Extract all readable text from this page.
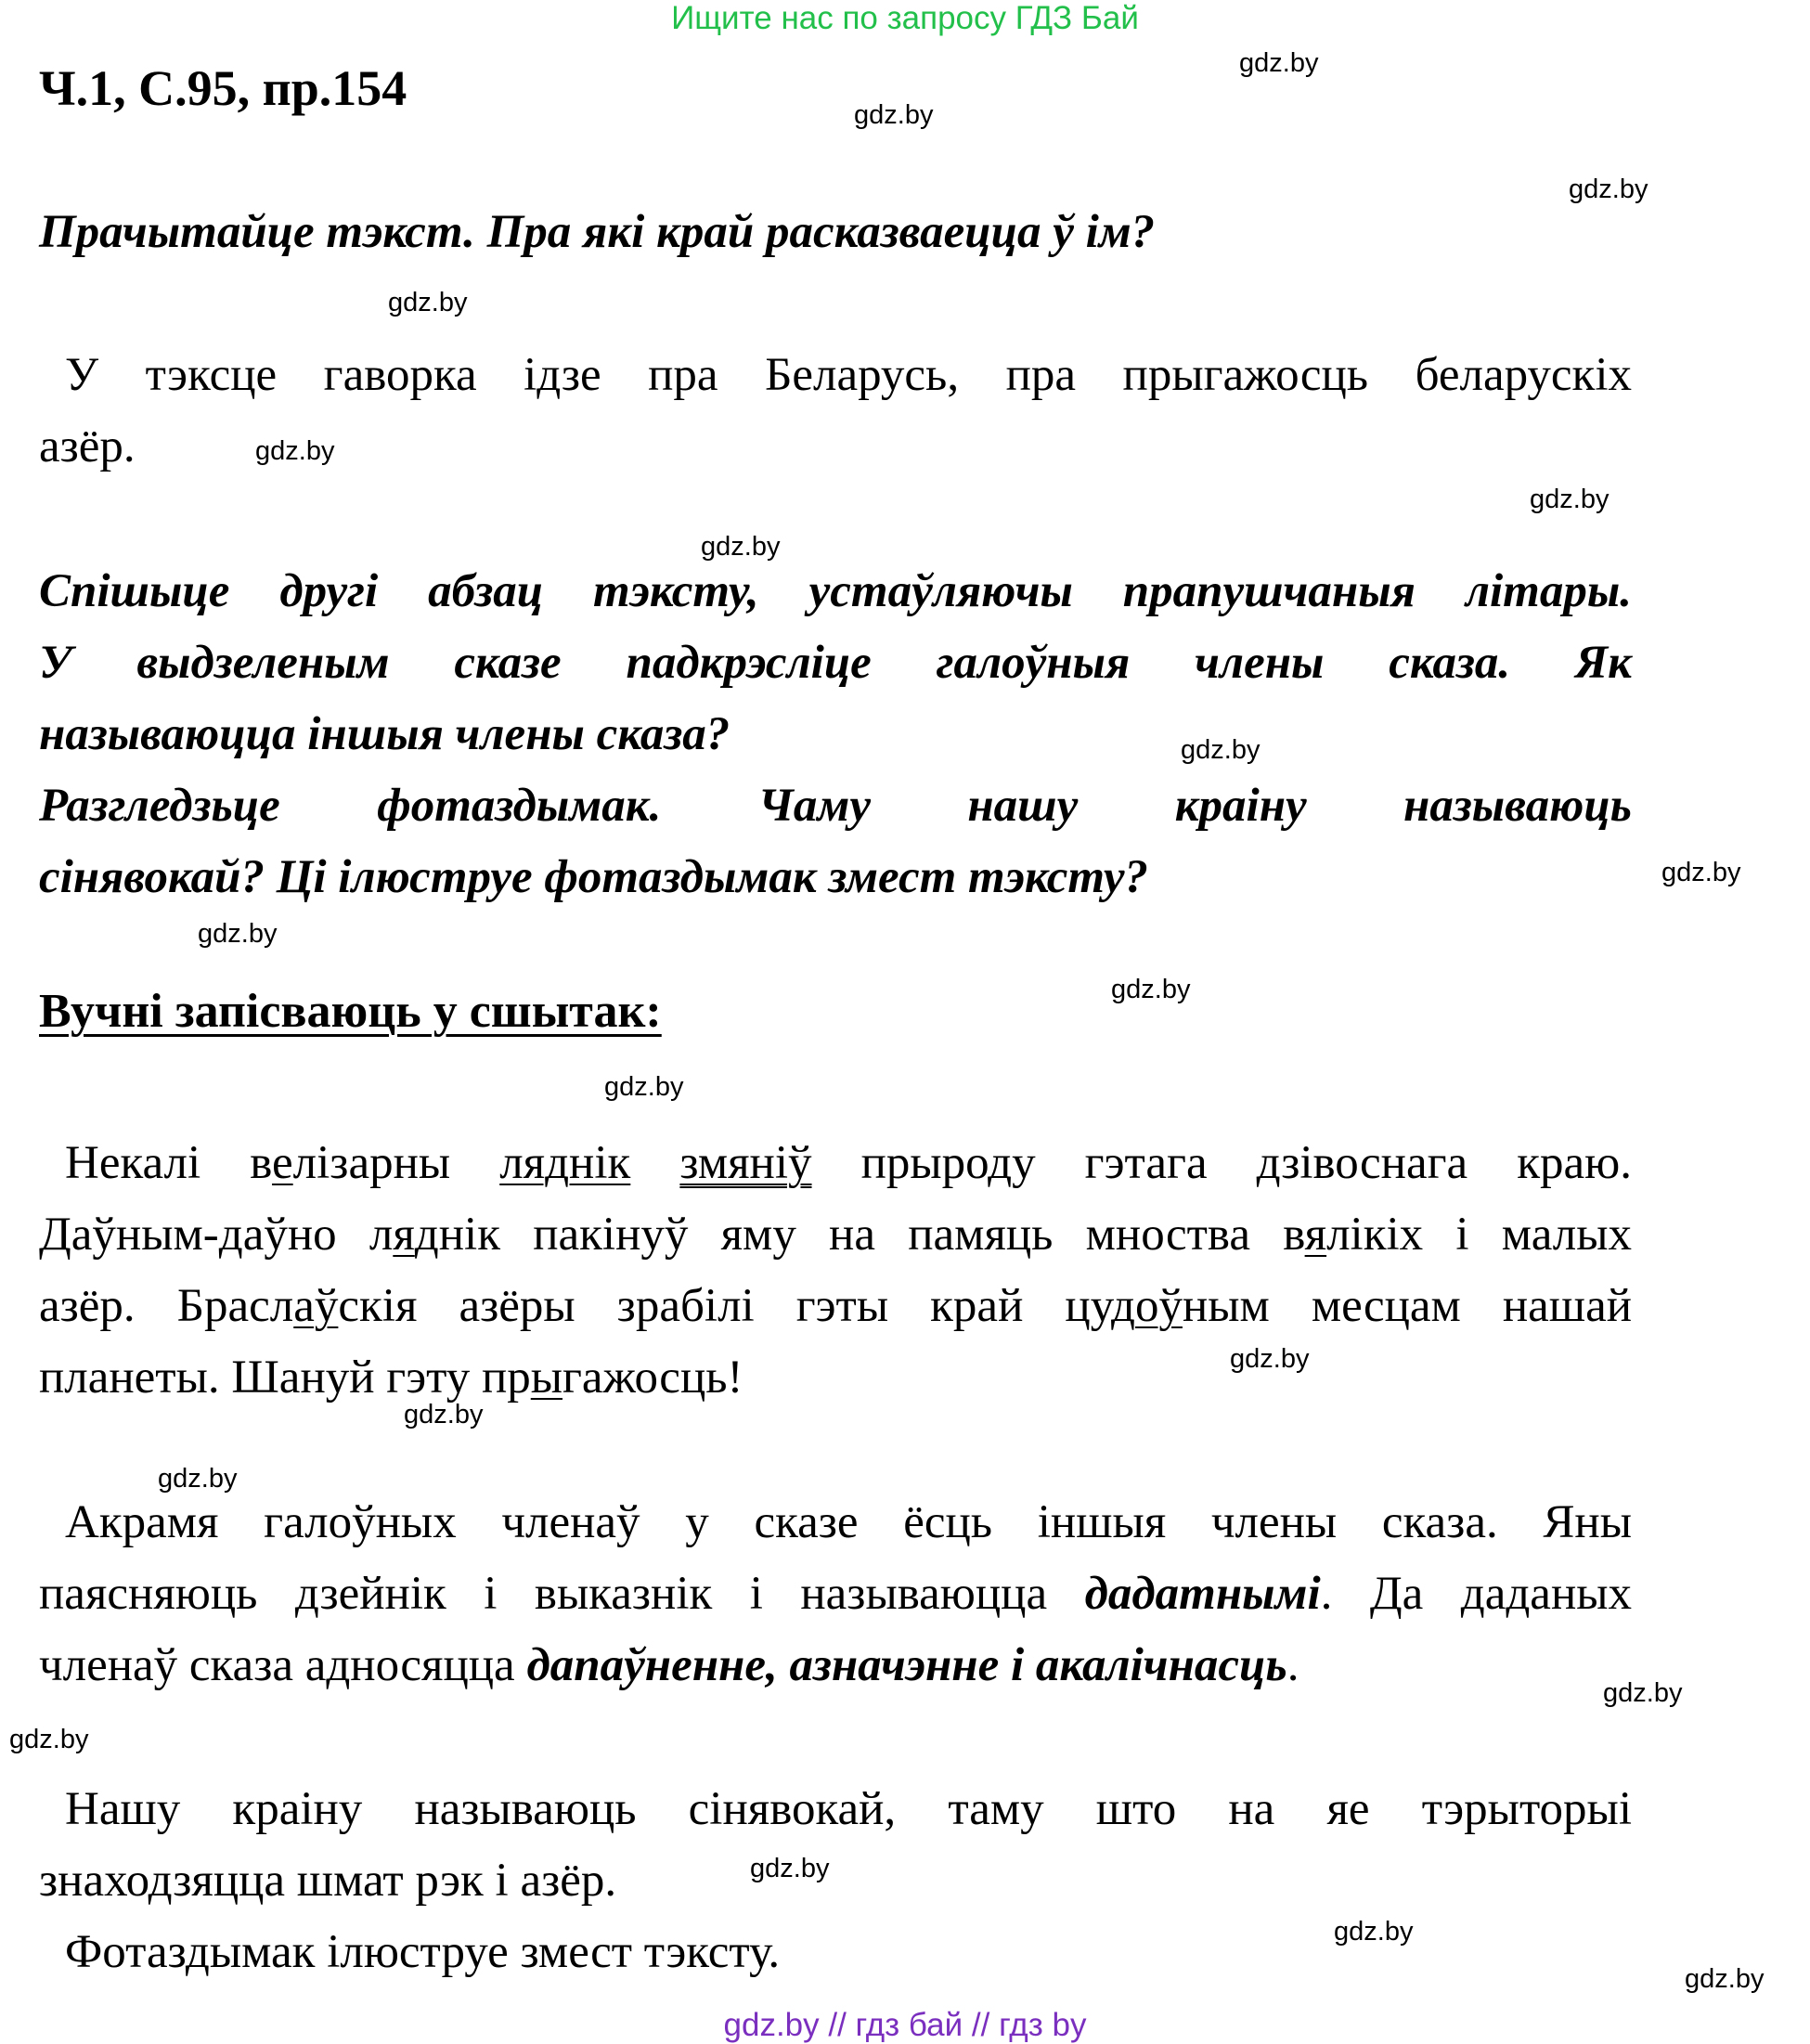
Ищите нас по запросу ГДЗ Бай
Ч.1, С.95, пр.154
Прачытайце тэкст. Пра які край расказваецца ў ім?
У тэксце гаворка ідзе пра Беларусь, пра прыгажосць беларускіх
азёр.
Спішыце другі абзац тэксту, устаўляючы прапушчаныя літары.
У выдзеленым сказе падкрэсліце галоўныя члены сказа. Як
называюцца іншыя члены сказа?
Разгледзьце фотаздымак. Чаму нашу краіну называюць
сінявокай? Ці ілюструе фотаздымак змест тэксту?
Вучні запісваюць у сшытак:
Некалі велізарны ляднік змяніў прыроду гэтага дзівоснага краю.
Даўным-даўно ляднік пакінуў яму на памяць мноства вялікіх і малых
азёр. Браслаўскія азёры зрабілі гэты край цудоўным месцам нашай
планеты. Шануй гэту прыгажосць!
Акрамя галоўных членаў у сказе ёсць іншыя члены сказа. Яны
паясняюць дзейнік і выказнік і называюцца дадатнымі. Да даданых
членаў сказа адносяцца дапаўненне, азначэнне і акалічнасць.
Нашу краіну называюць сінявокай, таму што на яе тэрыторыі
знаходзяцца шмат рэк і азёр.
Фотаздымак ілюструе змест тэксту.
gdz.by
gdz.by
gdz.by
gdz.by
gdz.by
gdz.by
gdz.by
gdz.by
gdz.by
gdz.by
gdz.by
gdz.by
gdz.by
gdz.by
gdz.by
gdz.by
gdz.by
gdz.by
gdz.by
gdz.by
gdz.by // гдз бай // гдз by
